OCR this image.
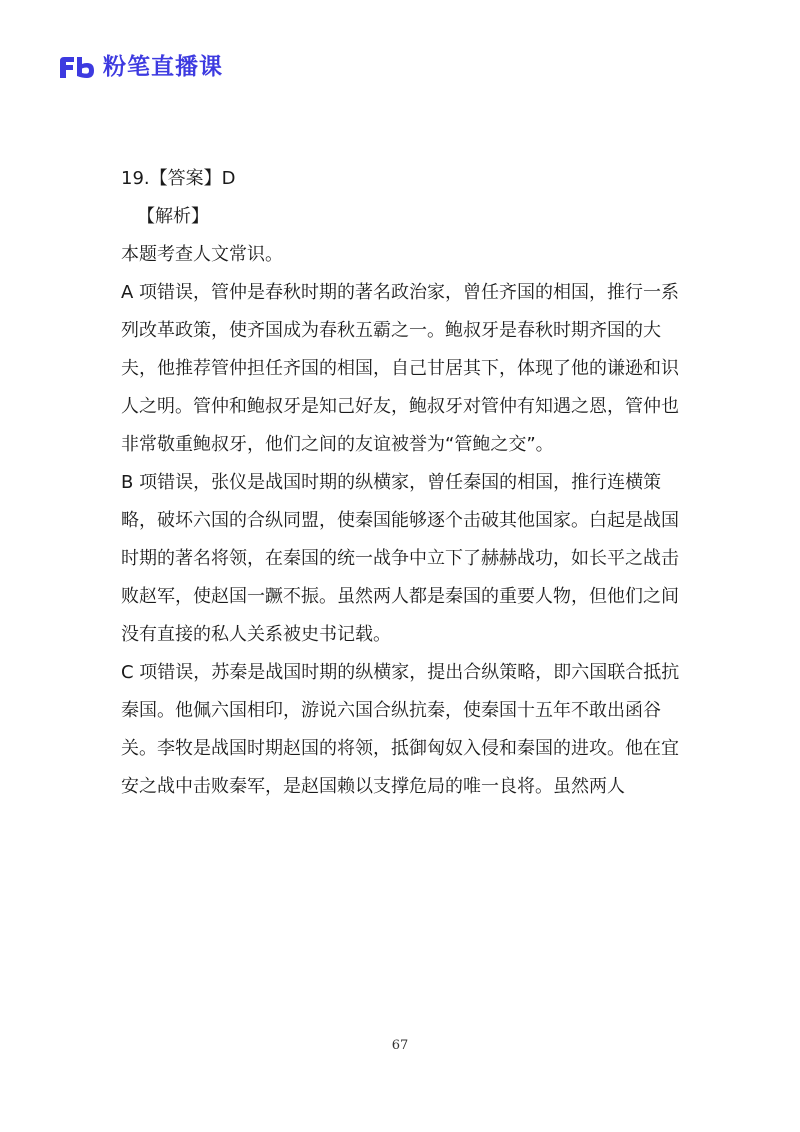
粉笔直播课

19.【答案】D

【解析】

本题考查人文常识。

A 项错误，管仲是春秋时期的著名政治家，曾任齐国的相国，推行一系列改革政策，使齐国成为春秋五霸之一。鲍叔牙是春秋时期齐国的大夫，他推荐管仲担任齐国的相国，自己甘居其下，体现了他的谦逊和识人之明。管仲和鲍叔牙是知己好友，鲍叔牙对管仲有知遇之恩，管仲也非常敬重鲍叔牙，他们之间的友谊被誉为“管鲍之交”。

B 项错误，张仪是战国时期的纵横家，曾任秦国的相国，推行连横策略，破坏六国的合纵同盟，使秦国能够逐个击破其他国家。白起是战国时期的著名将领，在秦国的统一战争中立下了赫赫战功，如长平之战击败赵军，使赵国一蹶不振。虽然两人都是秦国的重要人物，但他们之间没有直接的私人关系被史书记载。

C 项错误，苏秦是战国时期的纵横家，提出合纵策略，即六国联合抵抗秦国。他佩六国相印，游说六国合纵抗秦，使秦国十五年不敢出函谷关。李牧是战国时期赵国的将领，抵御匈奴入侵和秦国的进攻。他在宜安之战中击败秦军，是赵国赖以支撑危局的唯一良将。虽然两人

67
